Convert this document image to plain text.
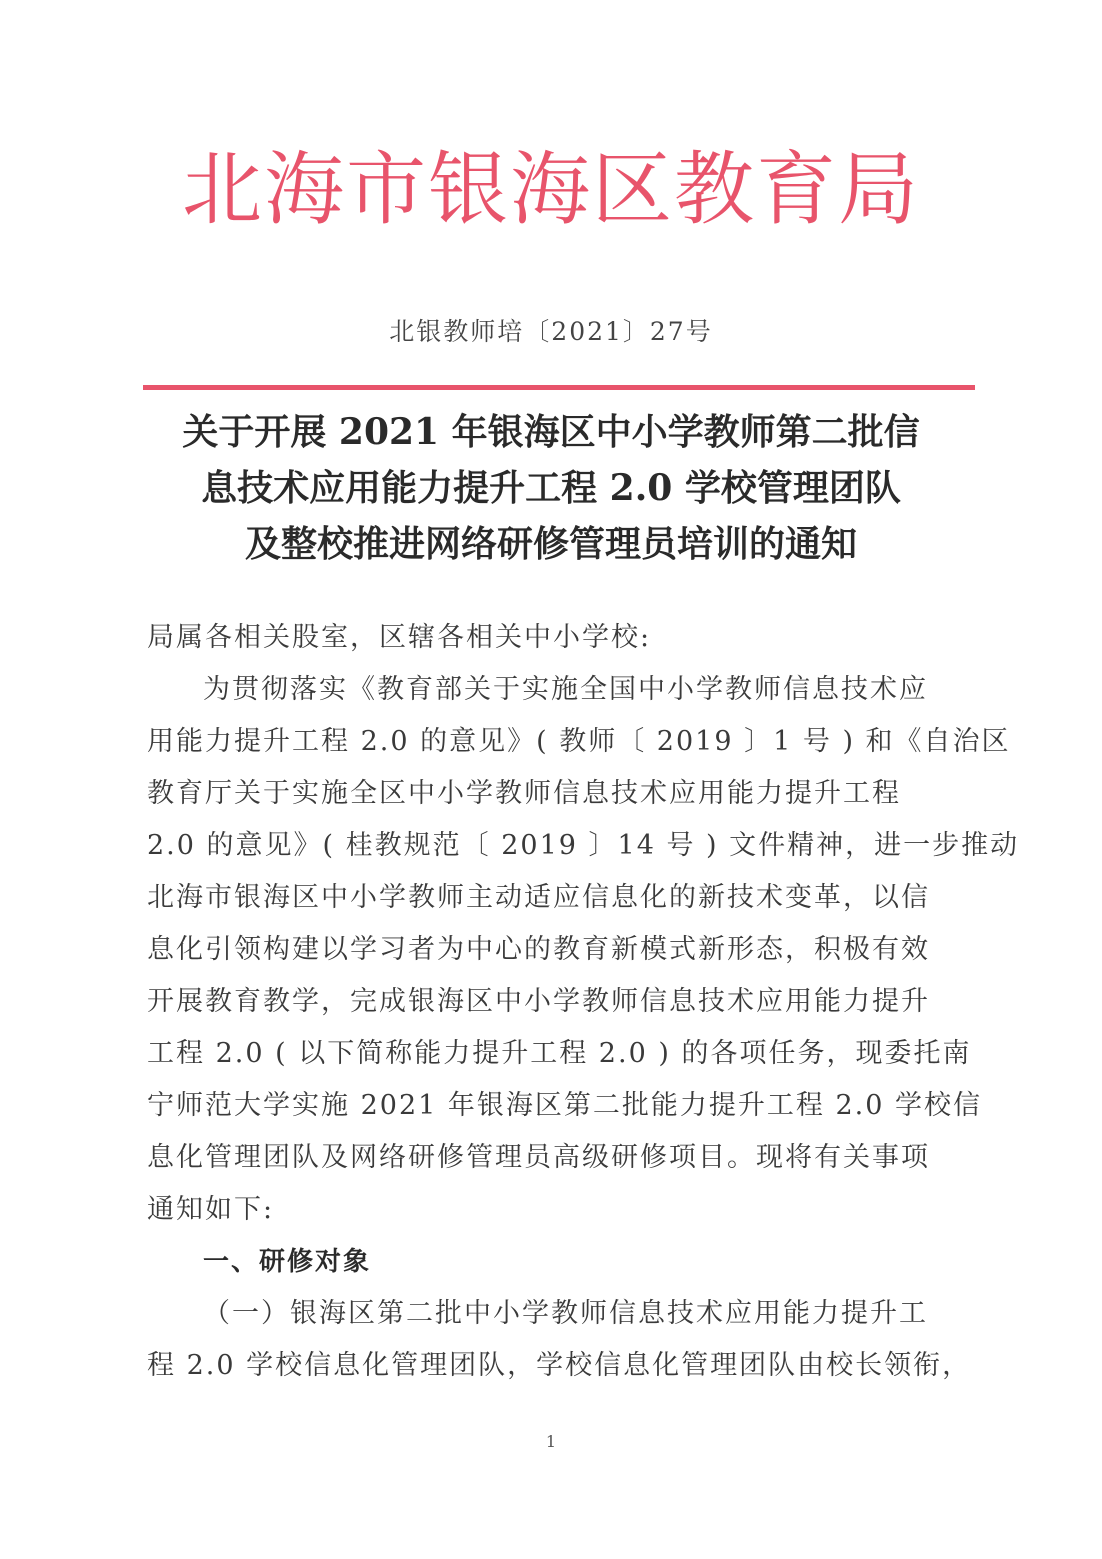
北海市银海区教育局
北银教师培〔2021〕27号
关于开展 2021 年银海区中小学教师第二批信
息技术应用能力提升工程 2.0 学校管理团队
及整校推进网络研修管理员培训的通知

局属各相关股室，区辖各相关中小学校:

为贯彻落实《教育部关于实施全国中小学教师信息技术应
用能力提升工程 2.0 的意见》( 教师〔 2019 〕1 号 ) 和《自治区
教育厅关于实施全区中小学教师信息技术应用能力提升工程
2.0 的意见》( 桂教规范〔 2019 〕14 号 ) 文件精神，进一步推动
北海市银海区中小学教师主动适应信息化的新技术变革，以信
息化引领构建以学习者为中心的教育新模式新形态，积极有效
开展教育教学，完成银海区中小学教师信息技术应用能力提升
工程 2.0 ( 以下简称能力提升工程 2.0 ) 的各项任务，现委托南
宁师范大学实施 2021 年银海区第二批能力提升工程 2.0 学校信
息化管理团队及网络研修管理员高级研修项目。现将有关事项
通知如下:

一、研修对象

（一）银海区第二批中小学教师信息技术应用能力提升工
程 2.0 学校信息化管理团队，学校信息化管理团队由校长领衔，

1
